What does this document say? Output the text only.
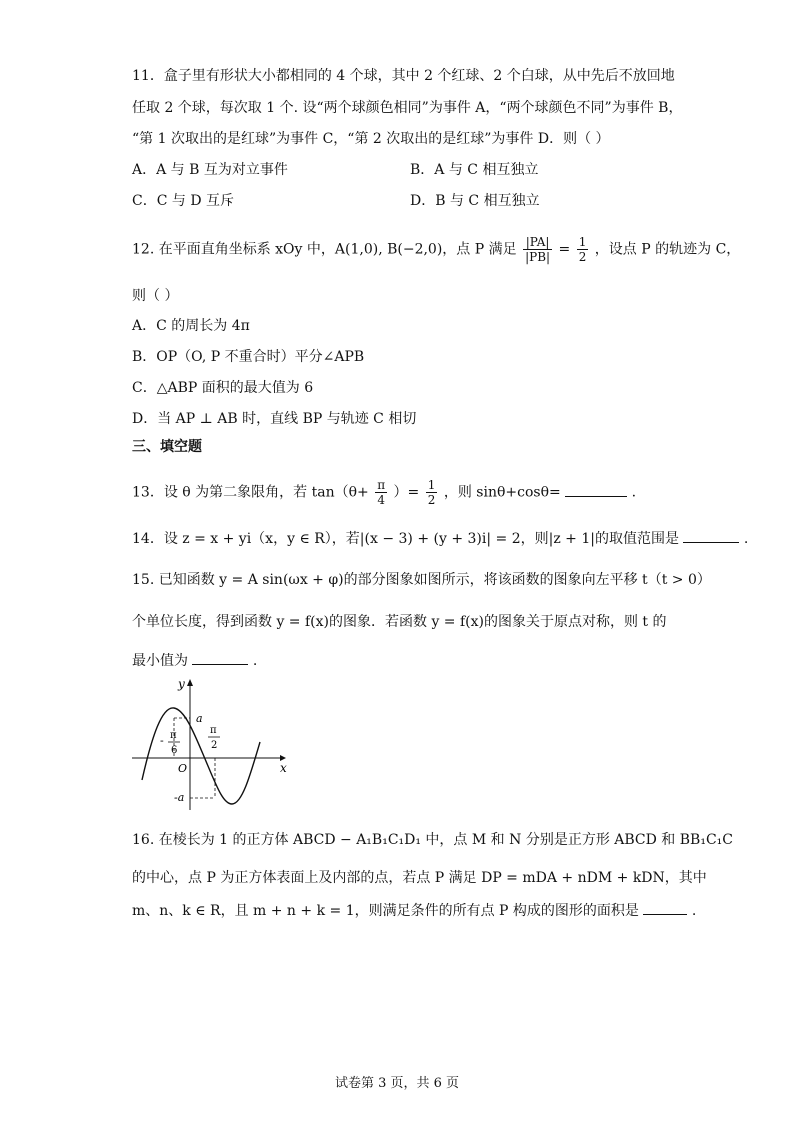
11．盒子里有形状大小都相同的 4 个球，其中 2 个红球、2 个白球，从中先后不放回地
任取 2 个球，每次取 1 个. 设“两个球颜色相同”为事件 A，“两个球颜色不同”为事件 B，
“第 1 次取出的是红球”为事件 C，“第 2 次取出的是红球”为事件 D．则（ ）
A．A 与 B 互为对立事件	B．A 与 C 相互独立
C．C 与 D 互斥	D．B 与 C 相互独立
12. 在平面直角坐标系 xOy 中，A(1,0), B(−2,0)，点 P 满足 $\frac{|PA|}{|PB|} = \frac{1}{2}$ ，设点 P 的轨迹为 C，
则（ ）
A．C 的周长为 4π
B．OP（O, P 不重合时）平分∠APB
C．△ABP 面积的最大值为 6
D．当 AP ⊥ AB 时，直线 BP 与轨迹 C 相切
三、填空题
13．设 θ 为第二象限角，若 $\tan(\theta+ \frac{\pi}{4}$ ）= $\frac{1}{2}$ ，则 sinθ+cosθ=	.
14．设 z = x + yi（x，y ∈ R），若|(x − 3) + (y + 3)i| = 2，则|z + 1|的取值范围是	.
15. 已知函数 y = A sin(ωx + φ)的部分图象如图所示，将该函数的图象向左平移 t（t > 0）
个单位长度，得到函数 y = f(x)的图象．若函数 y = f(x)的图象关于原点对称，则 t 的
最小值为	.
y
x
O
a
-a
- π
6
π
2
16. 在棱长为 1 的正方体 ABCD − A₁B₁C₁D₁ 中，点 M 和 N 分别是正方形 ABCD 和 BB₁C₁C
的中心，点 P 为正方体表面上及内部的点，若点 P 满足 DP = mDA + nDM + kDN，其中
m、n、k ∈ R，且 m + n + k = 1，则满足条件的所有点 P 构成的图形的面积是	.
试卷第 3 页，共 6 页
